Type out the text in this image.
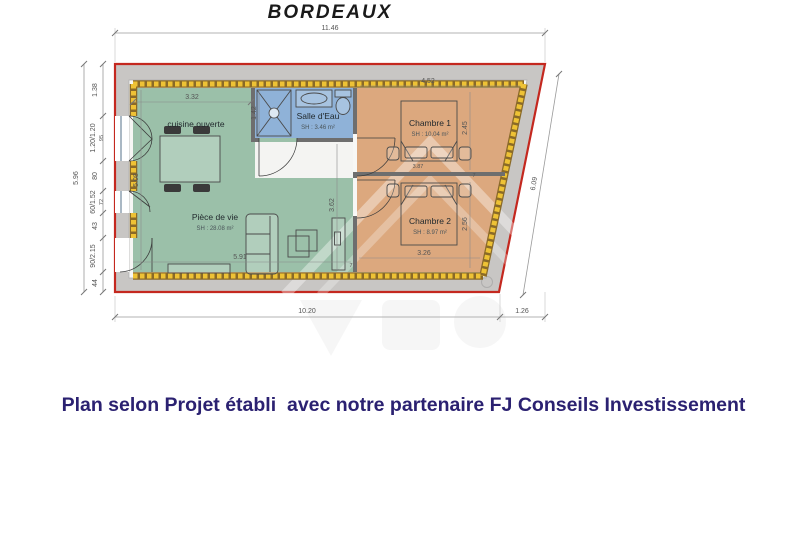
BORDEAUX
11.46
10.20	1.26
5.96
1.38
1.20/1.20 95
80
60/1.52 72
43
90/2.15
44
6.09
3.32
1.42
5.08
3.62
5.91
4.52
2.45
3.87
7
3.26
2.56
7
cuisine ouverte
Pièce de vie
SH : 28.08 m²
Salle d'Eau
SH : 3.46 m²	Chambre 1
SH : 10.04 m²
Chambre 2
SH : 8.97 m²
Plan selon Projet établi  avec notre partenaire FJ Conseils Investissement
